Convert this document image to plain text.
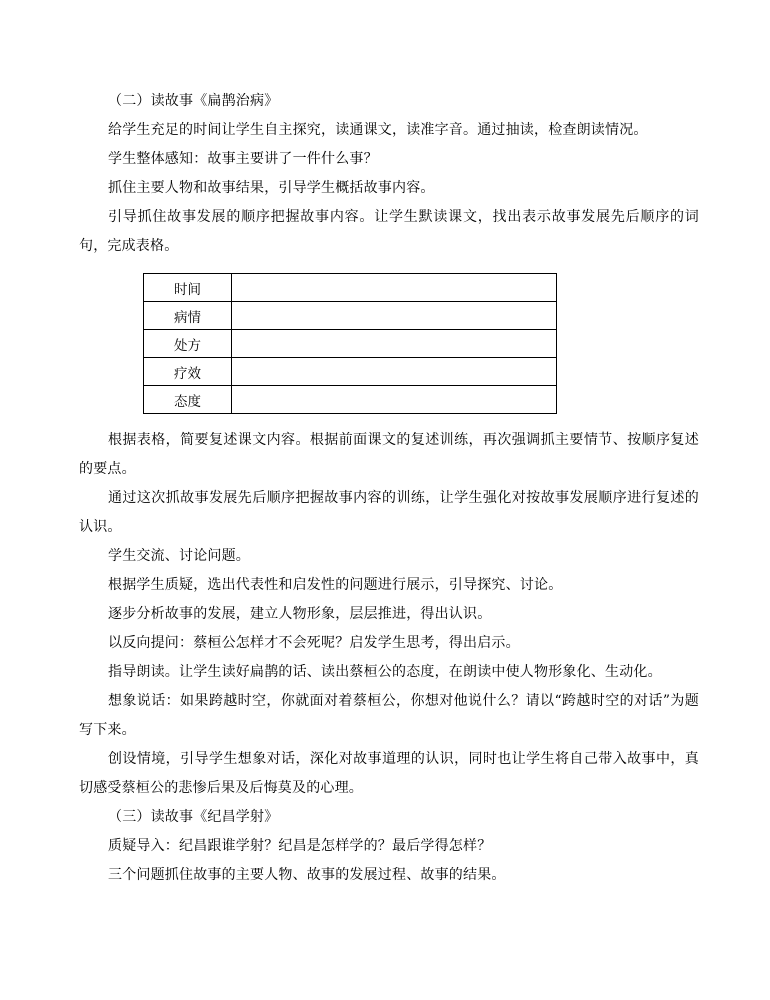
（二）读故事《扁鹊治病》

给学生充足的时间让学生自主探究，读通课文，读准字音。通过抽读，检查朗读情况。

学生整体感知：故事主要讲了一件什么事？

抓住主要人物和故事结果，引导学生概括故事内容。

引导抓住故事发展的顺序把握故事内容。让学生默读课文，找出表示故事发展先后顺序的词句，完成表格。

时间	
病情	
处方	
疗效	
态度	

根据表格，简要复述课文内容。根据前面课文的复述训练，再次强调抓主要情节、按顺序复述的要点。

通过这次抓故事发展先后顺序把握故事内容的训练，让学生强化对按故事发展顺序进行复述的认识。

学生交流、讨论问题。

根据学生质疑，选出代表性和启发性的问题进行展示，引导探究、讨论。

逐步分析故事的发展，建立人物形象，层层推进，得出认识。

以反向提问：蔡桓公怎样才不会死呢？启发学生思考，得出启示。

指导朗读。让学生读好扁鹊的话、读出蔡桓公的态度，在朗读中使人物形象化、生动化。

想象说话：如果跨越时空，你就面对着蔡桓公，你想对他说什么？请以“跨越时空的对话”为题写下来。

创设情境，引导学生想象对话，深化对故事道理的认识，同时也让学生将自己带入故事中，真切感受蔡桓公的悲惨后果及后悔莫及的心理。

（三）读故事《纪昌学射》

质疑导入：纪昌跟谁学射？纪昌是怎样学的？最后学得怎样？

三个问题抓住故事的主要人物、故事的发展过程、故事的结果。
